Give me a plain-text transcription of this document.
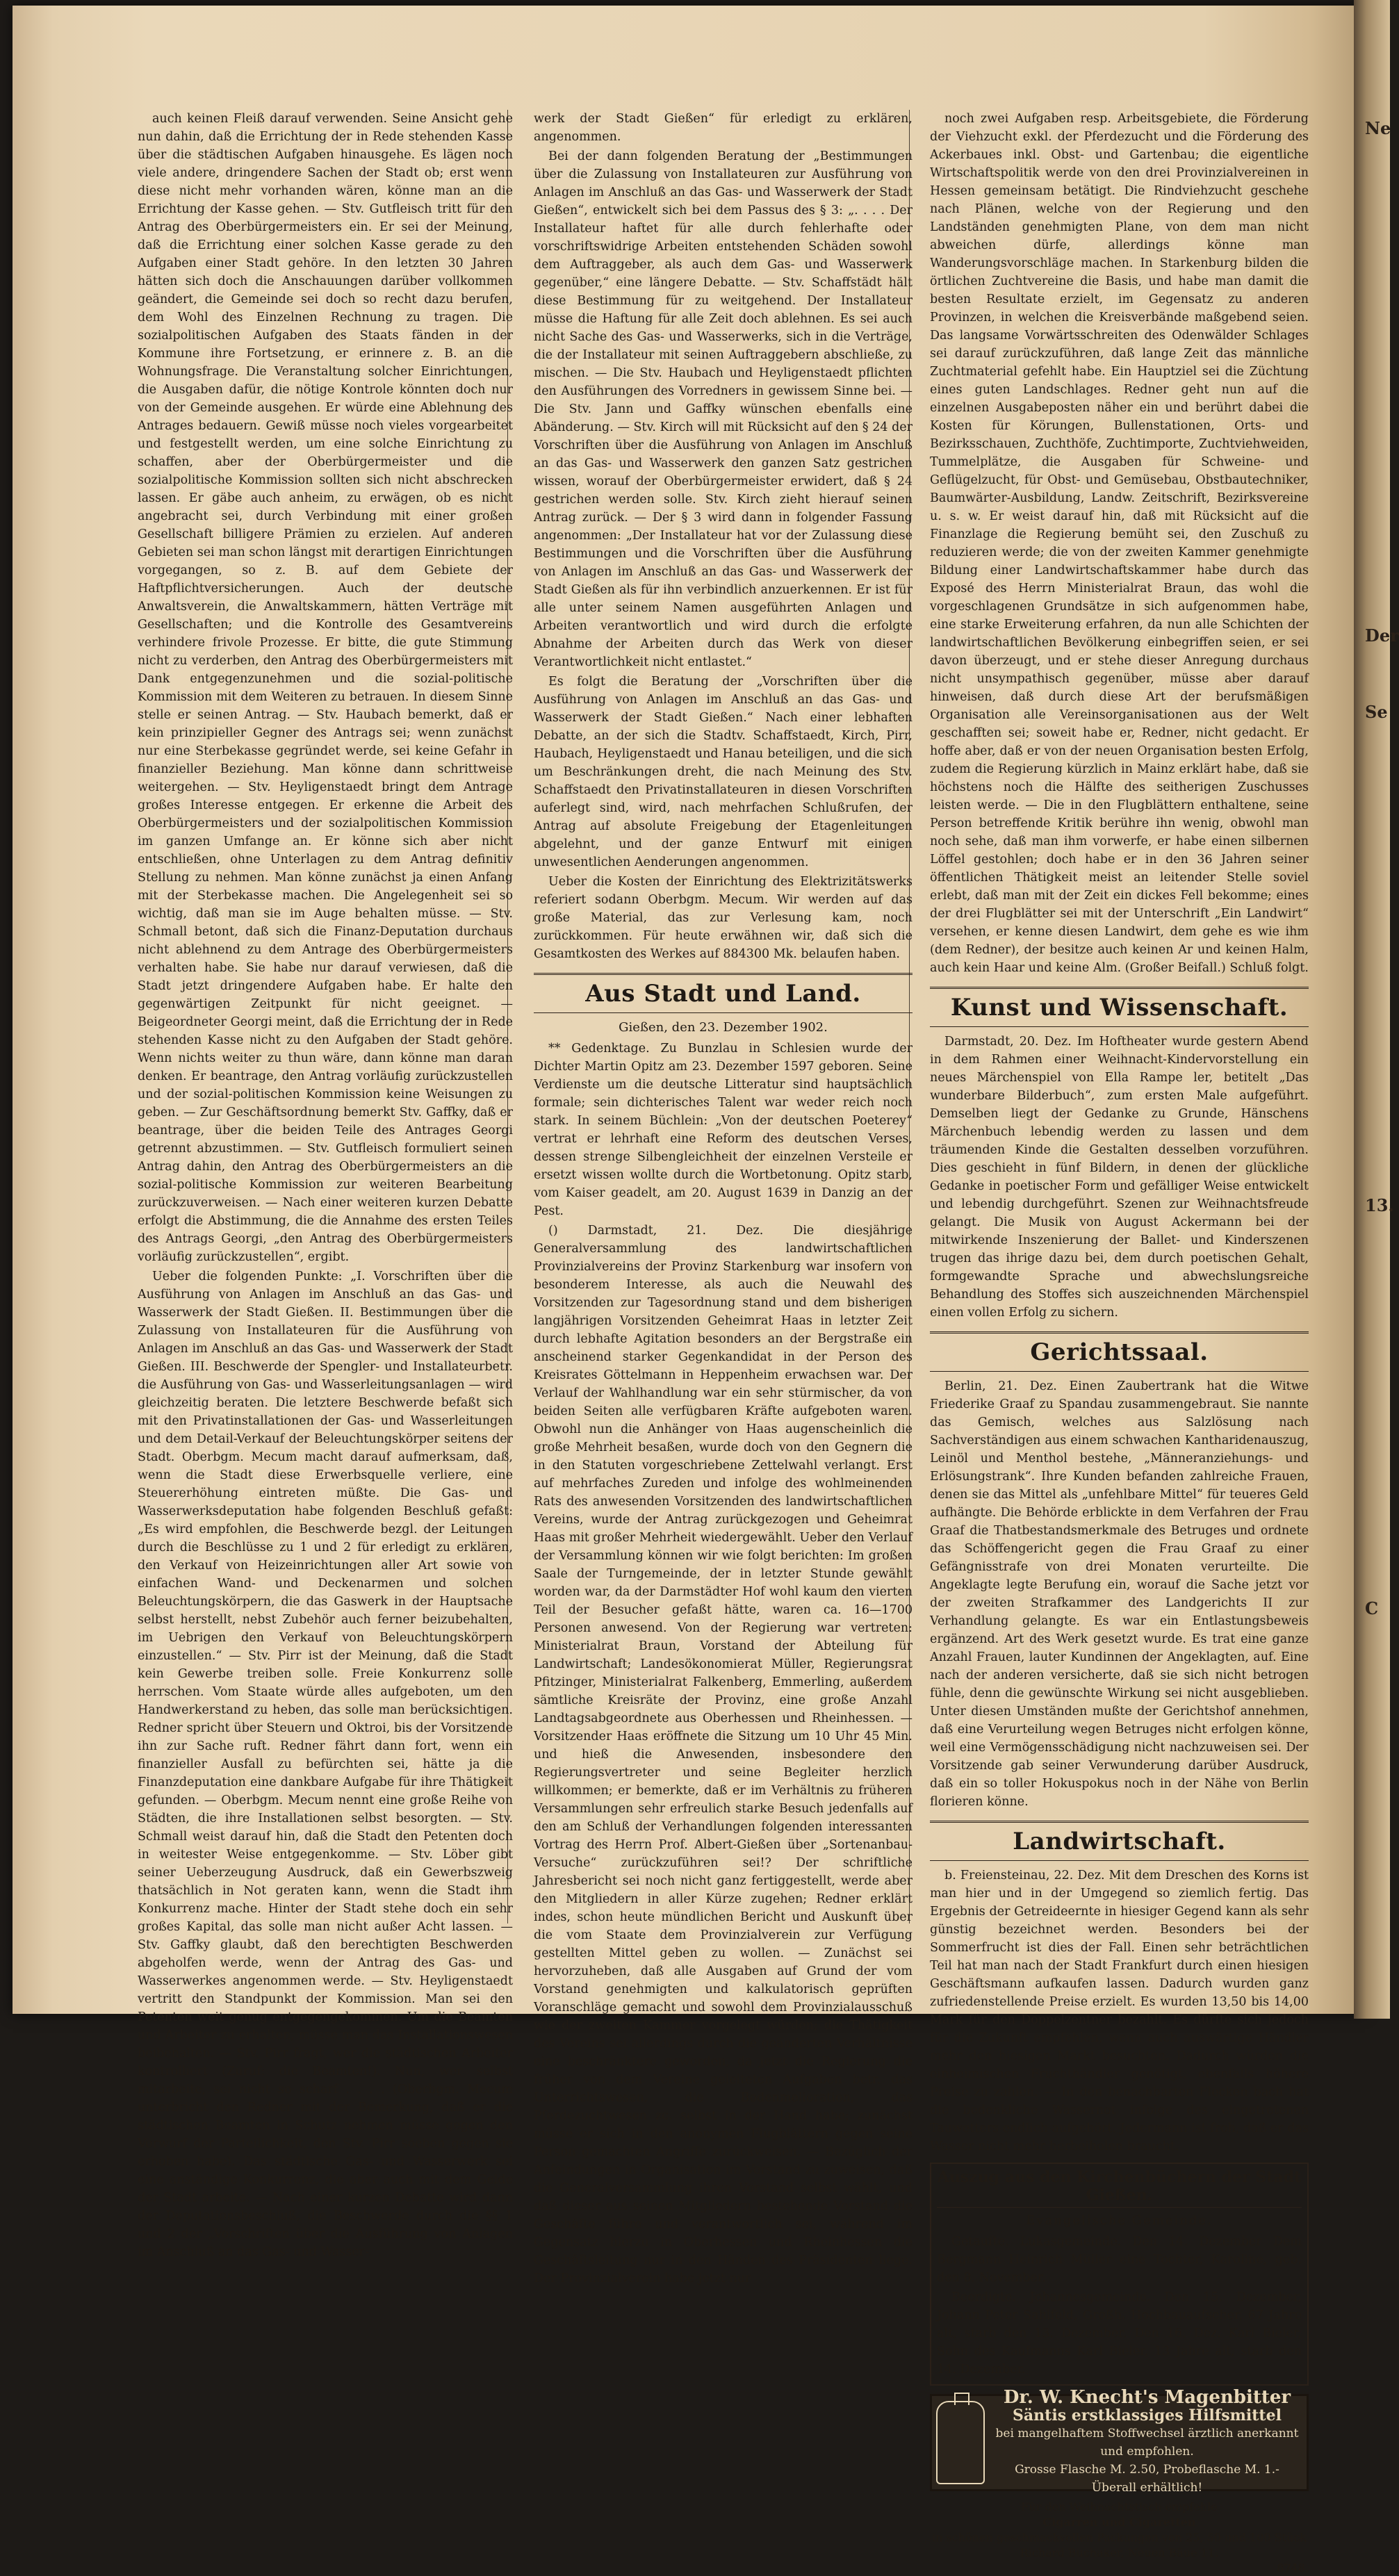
auch keinen Fleiß darauf verwenden. Seine Ansicht gehe nun dahin, daß die Errichtung der in Rede stehenden Kasse über die städtischen Aufgaben hinausgehe. Es lägen noch viele andere, dringendere Sachen der Stadt ob; erst wenn diese nicht mehr vorhanden wären, könne man an die Errichtung der Kasse gehen. — Stv. Gutfleisch tritt für den Antrag des Oberbürgermeisters ein. Er sei der Meinung, daß die Errichtung einer solchen Kasse gerade zu den Aufgaben einer Stadt gehöre. In den letzten 30 Jahren hätten sich doch die Anschauungen darüber vollkommen geändert, die Gemeinde sei doch so recht dazu berufen, dem Wohl des Einzelnen Rechnung zu tragen. Die sozialpolitischen Aufgaben des Staats fänden in der Kommune ihre Fortsetzung, er erinnere z. B. an die Wohnungsfrage. Die Veranstaltung solcher Einrichtungen, die Ausgaben dafür, die nötige Kontrole könnten doch nur von der Gemeinde ausgehen. Er würde eine Ablehnung des Antrages bedauern. Gewiß müsse noch vieles vorgearbeitet und festgestellt werden, um eine solche Einrichtung zu schaffen, aber der Oberbürgermeister und die sozialpolitische Kommission sollten sich nicht abschrecken lassen. Er gäbe auch anheim, zu erwägen, ob es nicht angebracht sei, durch Verbindung mit einer großen Gesellschaft billigere Prämien zu erzielen. Auf anderen Gebieten sei man schon längst mit derartigen Einrichtungen vorgegangen, so z. B. auf dem Gebiete der Haftpflichtversicherungen. Auch der deutsche Anwaltsverein, die Anwaltskammern, hätten Verträge mit Gesellschaften; und die Kontrolle des Gesamtvereins verhindere frivole Prozesse. Er bitte, die gute Stimmung nicht zu verderben, den Antrag des Oberbürgermeisters mit Dank entgegenzunehmen und die sozial-politische Kommission mit dem Weiteren zu betrauen. In diesem Sinne stelle er seinen Antrag. — Stv. Haubach bemerkt, daß er kein prinzipieller Gegner des Antrags sei; wenn zunächst nur eine Sterbekasse gegründet werde, sei keine Gefahr in finanzieller Beziehung. Man könne dann schrittweise weitergehen. — Stv. Heyligenstaedt bringt dem Antrage großes Interesse entgegen. Er erkenne die Arbeit des Oberbürgermeisters und der sozialpolitischen Kommission im ganzen Umfange an. Er könne sich aber nicht entschließen, ohne Unterlagen zu dem Antrag definitiv Stellung zu nehmen. Man könne zunächst ja einen Anfang mit der Sterbekasse machen. Die Angelegenheit sei so wichtig, daß man sie im Auge behalten müsse. — Stv. Schmall betont, daß sich die Finanz-Deputation durchaus nicht ablehnend zu dem Antrage des Oberbürgermeisters verhalten habe. Sie habe nur darauf verwiesen, daß die Stadt jetzt dringendere Aufgaben habe. Er halte den gegenwärtigen Zeitpunkt für nicht geeignet. — Beigeordneter Georgi meint, daß die Errichtung der in Rede stehenden Kasse nicht zu den Aufgaben der Stadt gehöre. Wenn nichts weiter zu thun wäre, dann könne man daran denken. Er beantrage, den Antrag vorläufig zurückzustellen und der sozial-politischen Kommission keine Weisungen zu geben. — Zur Geschäftsordnung bemerkt Stv. Gaffky, daß er beantrage, über die beiden Teile des Antrages Georgi getrennt abzustimmen. — Stv. Gutfleisch formuliert seinen Antrag dahin, den Antrag des Oberbürgermeisters an die sozial-politische Kommission zur weiteren Bearbeitung zurückzuverweisen. — Nach einer weiteren kurzen Debatte erfolgt die Abstimmung, die die Annahme des ersten Teiles des Antrags Georgi, „den Antrag des Oberbürgermeisters vorläufig zurückzustellen“, ergibt.

Ueber die folgenden Punkte: „I. Vorschriften über die Ausführung von Anlagen im Anschluß an das Gas- und Wasserwerk der Stadt Gießen. II. Bestimmungen über die Zulassung von Installateuren für die Ausführung von Anlagen im Anschluß an das Gas- und Wasserwerk der Stadt Gießen. III. Beschwerde der Spengler- und Installateurbetr. die Ausführung von Gas- und Wasserleitungsanlagen — wird gleichzeitig beraten. Die letztere Beschwerde befaßt sich mit den Privatinstallationen der Gas- und Wasserleitungen und dem Detail-Verkauf der Beleuchtungskörper seitens der Stadt. Oberbgm. Mecum macht darauf aufmerksam, daß, wenn die Stadt diese Erwerbsquelle verliere, eine Steuererhöhung eintreten müßte. Die Gas- und Wasserwerksdeputation habe folgenden Beschluß gefaßt: „Es wird empfohlen, die Beschwerde bezgl. der Leitungen durch die Beschlüsse zu 1 und 2 für erledigt zu erklären, den Verkauf von Heizeinrichtungen aller Art sowie von einfachen Wand- und Deckenarmen und solchen Beleuchtungskörpern, die das Gaswerk in der Hauptsache selbst herstellt, nebst Zubehör auch ferner beizubehalten, im Uebrigen den Verkauf von Beleuchtungskörpern einzustellen.“ — Stv. Pirr ist der Meinung, daß die Stadt kein Gewerbe treiben solle. Freie Konkurrenz solle herrschen. Vom Staate würde alles aufgeboten, um den Handwerkerstand zu heben, das solle man berücksichtigen. Redner spricht über Steuern und Oktroi, bis der Vorsitzende ihn zur Sache ruft. Redner fährt dann fort, wenn ein finanzieller Ausfall zu befürchten sei, hätte ja die Finanzdeputation eine dankbare Aufgabe für ihre Thätigkeit gefunden. — Oberbgm. Mecum nennt eine große Reihe von Städten, die ihre Installationen selbst besorgten. — Stv. Schmall weist darauf hin, daß die Stadt den Petenten doch in weitester Weise entgegenkomme. — Stv. Löber gibt seiner Ueberzeugung Ausdruck, daß ein Gewerbszweig thatsächlich in Not geraten kann, wenn die Stadt ihm Konkurrenz mache. Hinter der Stadt stehe doch ein sehr großes Kapital, das solle man nicht außer Acht lassen. — Stv. Gaffky glaubt, daß den berechtigten Beschwerden abgeholfen werde, wenn der Antrag des Gas- und Wasserwerkes angenommen werde. — Stv. Heyligenstaedt vertritt den Standpunkt der Kommission. Man sei den Petenten weit genug entgegengekommen. Um die Beamten und Arbeiter zu erhalten, müsse man das Installationswesen beibehalten. — Stv. Pirr fragt, wer die städtischen Arbeiter kontrolliert (Zuruf: die Beamten!). Nun, wer selbst mitarbeite, sei nicht so scharf . . . . (Oberbgm. Mecum unterbricht den Redner mit der Bemerkung, daß er die städtischen Beamten in Schutz nehmen müsse gegen den Vorwurf der Parteilichkeit, den Stv. Pirr soeben gegen sie erhoben habe). Das städtische Gas- und Wasserwerk sei eine anständige Konkurrenz, die aber auch mit dem Gelde der Stadt arbeite. — Nach einer kurzen Debatte wird dann der Deputationsbeschluß, die Beschwerde durch die §§ 1 und 2 der „Vorschriften über die Ausführung von Anlagen im Anschluß an das Gas- und Wasser-

werk der Stadt Gießen“ für erledigt zu erklären, angenommen.

Bei der dann folgenden Beratung der „Bestimmungen über die Zulassung von Installateuren zur Ausführung von Anlagen im Anschluß an das Gas- und Wasserwerk der Stadt Gießen“, entwickelt sich bei dem Passus des § 3: „. . . . Der Installateur haftet für alle durch fehlerhafte oder vorschriftswidrige Arbeiten entstehenden Schäden sowohl dem Auftraggeber, als auch dem Gas- und Wasserwerk gegenüber,“ eine längere Debatte. — Stv. Schaffstädt hält diese Bestimmung für zu weitgehend. Der Installateur müsse die Haftung für alle Zeit doch ablehnen. Es sei auch nicht Sache des Gas- und Wasserwerks, sich in die Verträge, die der Installateur mit seinen Auftraggebern abschließe, zu mischen. — Die Stv. Haubach und Heyligenstaedt pflichten den Ausführungen des Vorredners in gewissem Sinne bei. — Die Stv. Jann und Gaffky wünschen ebenfalls eine Abänderung. — Stv. Kirch will mit Rücksicht auf den § 24 der Vorschriften über die Ausführung von Anlagen im Anschluß an das Gas- und Wasserwerk den ganzen Satz gestrichen wissen, worauf der Oberbürgermeister erwidert, daß § 24 gestrichen werden solle. Stv. Kirch zieht hierauf seinen Antrag zurück. — Der § 3 wird dann in folgender Fassung angenommen: „Der Installateur hat vor der Zulassung diese Bestimmungen und die Vorschriften über die Ausführung von Anlagen im Anschluß an das Gas- und Wasserwerk der Stadt Gießen als für ihn verbindlich anzuerkennen. Er ist für alle unter seinem Namen ausgeführten Anlagen und Arbeiten verantwortlich und wird durch die erfolgte Abnahme der Arbeiten durch das Werk von dieser Verantwortlichkeit nicht entlastet.“

Es folgt die Beratung der „Vorschriften über die Ausführung von Anlagen im Anschluß an das Gas- und Wasserwerk der Stadt Gießen.“ Nach einer lebhaften Debatte, an der sich die Stadtv. Schaffstaedt, Kirch, Pirr, Haubach, Heyligenstaedt und Hanau beteiligen, und die sich um Beschränkungen dreht, die nach Meinung des Stv. Schaffstaedt den Privatinstallateuren in diesen Vorschriften auferlegt sind, wird, nach mehrfachen Schlußrufen, der Antrag auf absolute Freigebung der Etagenleitungen abgelehnt, und der ganze Entwurf mit einigen unwesentlichen Aenderungen angenommen.

Ueber die Kosten der Einrichtung des Elektrizitätswerks referiert sodann Oberbgm. Mecum. Wir werden auf das große Material, das zur Verlesung kam, noch zurückkommen. Für heute erwähnen wir, daß sich die Gesamtkosten des Werkes auf 884300 Mk. belaufen haben.

Aus Stadt und Land.
Gießen, den 23. Dezember 1902.

** Gedenktage. Zu Bunzlau in Schlesien wurde der Dichter Martin Opitz am 23. Dezember 1597 geboren. Seine Verdienste um die deutsche Litteratur sind hauptsächlich formale; sein dichterisches Talent war weder reich noch stark. In seinem Büchlein: „Von der deutschen Poeterey“ vertrat er lehrhaft eine Reform des deutschen Verses, dessen strenge Silbengleichheit der einzelnen Versteile er ersetzt wissen wollte durch die Wortbetonung. Opitz starb, vom Kaiser geadelt, am 20. August 1639 in Danzig an der Pest.

() Darmstadt, 21. Dez. Die diesjährige Generalversammlung des landwirtschaftlichen Provinzialvereins der Provinz Starkenburg war insofern von besonderem Interesse, als auch die Neuwahl des Vorsitzenden zur Tagesordnung stand und dem bisherigen langjährigen Vorsitzenden Geheimrat Haas in letzter Zeit durch lebhafte Agitation besonders an der Bergstraße ein anscheinend starker Gegenkandidat in der Person des Kreisrates Göttelmann in Heppenheim erwachsen war. Der Verlauf der Wahlhandlung war ein sehr stürmischer, da von beiden Seiten alle verfügbaren Kräfte aufgeboten waren. Obwohl nun die Anhänger von Haas augenscheinlich die große Mehrheit besaßen, wurde doch von den Gegnern die in den Statuten vorgeschriebene Zettelwahl verlangt. Erst auf mehrfaches Zureden und infolge des wohlmeinenden Rats des anwesenden Vorsitzenden des landwirtschaftlichen Vereins, wurde der Antrag zurückgezogen und Geheimrat Haas mit großer Mehrheit wiedergewählt. Ueber den Verlauf der Versammlung können wir wie folgt berichten: Im großen Saale der Turngemeinde, der in letzter Stunde gewählt worden war, da der Darmstädter Hof wohl kaum den vierten Teil der Besucher gefaßt hätte, waren ca. 16—1700 Personen anwesend. Von der Regierung war vertreten: Ministerialrat Braun, Vorstand der Abteilung für Landwirtschaft; Landesökonomierat Müller, Regierungsrat Pfitzinger, Ministerialrat Falkenberg, Emmerling, außerdem sämtliche Kreisräte der Provinz, eine große Anzahl Landtagsabgeordnete aus Oberhessen und Rheinhessen. — Vorsitzender Haas eröffnete die Sitzung um 10 Uhr 45 Min. und hieß die Anwesenden, insbesondere den Regierungsvertreter und seine Begleiter herzlich willkommen; er bemerkte, daß er im Verhältnis zu früheren Versammlungen sehr erfreulich starke Besuch jedenfalls auf den am Schluß der Verhandlungen folgenden interessanten Vortrag des Herrn Prof. Albert-Gießen über „Sortenanbau-Versuche“ zurückzuführen sei!? Der schriftliche Jahresbericht sei noch nicht ganz fertiggestellt, werde aber den Mitgliedern in aller Kürze zugehen; Redner erklärt indes, schon heute mündlichen Bericht und Auskunft über die vom Staate dem Provinzialverein zur Verfügung gestellten Mittel geben zu wollen. — Zunächst sei hervorzuheben, daß alle Ausgaben auf Grund der vom Vorstand genehmigten und kalkulatorisch geprüften Voranschläge gemacht und sowohl dem Provinzialausschuß wie der zweiten Kammer vorgelegt würden; die Thätigkeit des Vereins sei allerdings durch die geänderten Verhältnisse eine beschränktere geworden, da jetzt die Regierung die früher von dem Vereine geleiteten Aufgaben betr. das Unterrichtswesen, die Bodenmelioration, das Pferdezuchtwesen zc. selbst in der Hand habe; zunächst müsse er sich in den anonymen Flugblättern gegen seine Person gemachten Angriffe zurückweisen. — Bezüglich der Anfeindungen in Organisation im Vorstand zu zuweisen, daß die Generalversammlung ihren Vorstand selbst wählt, und daß dieser aus seinen Mitgliedern bestehende Vorstand die Geschäfte führe und verantwortlich sei, während im Gegensatz hierzu in Oberhessen und Rheinhessen die Geschäftsleitung nur in den Händen des Präsidenten liege. Der Provinzialverein habe jetzt nur

noch zwei Aufgaben resp. Arbeitsgebiete, die Förderung der Viehzucht exkl. der Pferdezucht und die Förderung des Ackerbaues inkl. Obst- und Gartenbau; die eigentliche Wirtschaftspolitik werde von den drei Provinzialvereinen in Hessen gemeinsam betätigt. Die Rindviehzucht geschehe nach Plänen, welche von der Regierung und den Landständen genehmigten Plane, von dem man nicht abweichen dürfe, allerdings könne man Wanderungsvorschläge machen. In Starkenburg bilden die örtlichen Zuchtvereine die Basis, und habe man damit die besten Resultate erzielt, im Gegensatz zu anderen Provinzen, in welchen die Kreisverbände maßgebend seien. Das langsame Vorwärtsschreiten des Odenwälder Schlages sei darauf zurückzuführen, daß lange Zeit das männliche Zuchtmaterial gefehlt habe. Ein Hauptziel sei die Züchtung eines guten Landschlages. Redner geht nun auf die einzelnen Ausgabeposten näher ein und berührt dabei die Kosten für Körungen, Bullenstationen, Orts- und Bezirksschauen, Zuchthöfe, Zuchtimporte, Zuchtviehweiden, Tummelplätze, die Ausgaben für Schweine- und Geflügelzucht, für Obst- und Gemüsebau, Obstbautechniker, Baumwärter-Ausbildung, Landw. Zeitschrift, Bezirksvereine u. s. w. Er weist darauf hin, daß mit Rücksicht auf die Finanzlage die Regierung bemüht sei, den Zuschuß zu reduzieren werde; die von der zweiten Kammer genehmigte Bildung einer Landwirtschaftskammer habe durch das Exposé des Herrn Ministerialrat Braun, das wohl die vorgeschlagenen Grundsätze in sich aufgenommen habe, eine starke Erweiterung erfahren, da nun alle Schichten der landwirtschaftlichen Bevölkerung einbegriffen seien, er sei davon überzeugt, und er stehe dieser Anregung durchaus nicht unsympathisch gegenüber, müsse aber darauf hinweisen, daß durch diese Art der berufsmäßigen Organisation alle Vereinsorganisationen aus der Welt geschafften sei; soweit habe er, Redner, nicht gedacht. Er hoffe aber, daß er von der neuen Organisation besten Erfolg, zudem die Regierung kürzlich in Mainz erklärt habe, daß sie höchstens noch die Hälfte des seitherigen Zuschusses leisten werde. — Die in den Flugblättern enthaltene, seine Person betreffende Kritik berühre ihn wenig, obwohl man noch sehe, daß man ihm vorwerfe, er habe einen silbernen Löffel gestohlen; doch habe er in den 36 Jahren seiner öffentlichen Thätigkeit meist an leitender Stelle soviel erlebt, daß man mit der Zeit ein dickes Fell bekomme; eines der drei Flugblätter sei mit der Unterschrift „Ein Landwirt“ versehen, er kenne diesen Landwirt, dem gehe es wie ihm (dem Redner), der besitze auch keinen Ar und keinen Halm, auch kein Haar und keine Alm. (Großer Beifall.) Schluß folgt.

Kunst und Wissenschaft.

Darmstadt, 20. Dez. Im Hoftheater wurde gestern Abend in dem Rahmen einer Weihnacht-Kindervorstellung ein neues Märchenspiel von Ella Rampe ler, betitelt „Das wunderbare Bilderbuch“, zum ersten Male aufgeführt. Demselben liegt der Gedanke zu Grunde, Hänschens Märchenbuch lebendig werden zu lassen und dem träumenden Kinde die Gestalten desselben vorzuführen. Dies geschieht in fünf Bildern, in denen der glückliche Gedanke in poetischer Form und gefälliger Weise entwickelt und lebendig durchgeführt. Szenen zur Weihnachtsfreude gelangt. Die Musik von August Ackermann bei der mitwirkende Inszenierung der Ballet- und Kinderszenen trugen das ihrige dazu bei, dem durch poetischen Gehalt, formgewandte Sprache und abwechslungsreiche Behandlung des Stoffes sich auszeichnenden Märchenspiel einen vollen Erfolg zu sichern.

Gerichtssaal.

Berlin, 21. Dez. Einen Zaubertrank hat die Witwe Friederike Graaf zu Spandau zusammengebraut. Sie nannte das Gemisch, welches aus Salzlösung nach Sachverständigen aus einem schwachen Kantharidenauszug, Leinöl und Menthol bestehe, „Männeranziehungs- und Erlösungstrank“. Ihre Kunden befanden zahlreiche Frauen, denen sie das Mittel als „unfehlbare Mittel“ für teueres Geld aufhängte. Die Behörde erblickte in dem Verfahren der Frau Graaf die Thatbestandsmerkmale des Betruges und ordnete das Schöffengericht gegen die Frau Graaf zu einer Gefängnisstrafe von drei Monaten verurteilte. Die Angeklagte legte Berufung ein, worauf die Sache jetzt vor der zweiten Strafkammer des Landgerichts II zur Verhandlung gelangte. Es war ein Entlastungsbeweis ergänzend. Art des Werk gesetzt wurde. Es trat eine ganze Anzahl Frauen, lauter Kundinnen der Angeklagten, auf. Eine nach der anderen versicherte, daß sie sich nicht betrogen fühle, denn die gewünschte Wirkung sei nicht ausgeblieben. Unter diesen Umständen mußte der Gerichtshof annehmen, daß eine Verurteilung wegen Betruges nicht erfolgen könne, weil eine Vermögensschädigung nicht nachzuweisen sei. Der Vorsitzende gab seiner Verwunderung darüber Ausdruck, daß ein so toller Hokuspokus noch in der Nähe von Berlin florieren könne.

Landwirtschaft.

b. Freiensteinau, 22. Dez. Mit dem Dreschen des Korns ist man hier und in der Umgegend so ziemlich fertig. Das Ergebnis der Getreideernte in hiesiger Gegend kann als sehr günstig bezeichnet werden. Besonders bei der Sommerfrucht ist dies der Fall. Einen sehr beträchtlichen Teil hat man nach der Stadt Frankfurt durch einen hiesigen Geschäftsmann aufkaufen lassen. Dadurch wurden ganz zufriedenstellende Preise erzielt. Es wurden 13,50 bis 14,00 Mark für den Doppelzentner bezahlt. Es dürfte sich jedoch für die Zukunft empfehlen, wenn auch auswärtige Händler mehr den hiesigen Markt besuchten. Dadurch würden die einheimischen Fruchthändler genötigt, ebenfalls höhere Preise zu zahlen. — In den benachbarten Flecken bach hat die bedenkliche Wassernot infolge des eingetretenen Tauwetters endlich aufgehört. Jedermann ist froh, daß er das Wasser nicht mehr herbeiholen braucht.

Auszug aus den Kirchenbüchern der Stadt Gießen.
Evangelische Gemeinde.

Getaufte. Lukasgemeinde. Den 14. Dezember Dem Bergmann Heinrich Müller eine Tochter, Karoline, geb. den 8. November.

Beerdigte. Johannesgemeinde. Den 15. Dezember, Johann Peter Sahlfeld, Großh. Hochbauaufseher, 67 Jahre alt, starb den 13. Dezember. Den 16. Dez. Karl Bieler, Sohn des Kaufmanns Karl Bieler, 13 Jahre alt, starb den 14. Dezember.

Dr. W. Knecht's Magenbitter
Säntis erstklassiges Hilfsmittel
bei mangelhaftem Stoffwechsel ärztlich anerkannt und empfohlen.
Grosse Flasche M. 2.50, Probeflasche M. 1.- Überall erhältlich!
Für den Weihnachtstisch empfehle
Cigarren und Cigaretten
in schönen geschmackvollen Packungen von 25, 50 und 100 Stück
Richard Buchaker, Neuen Bäue 11.
8748.
Ne
Der
Se
13.
C
